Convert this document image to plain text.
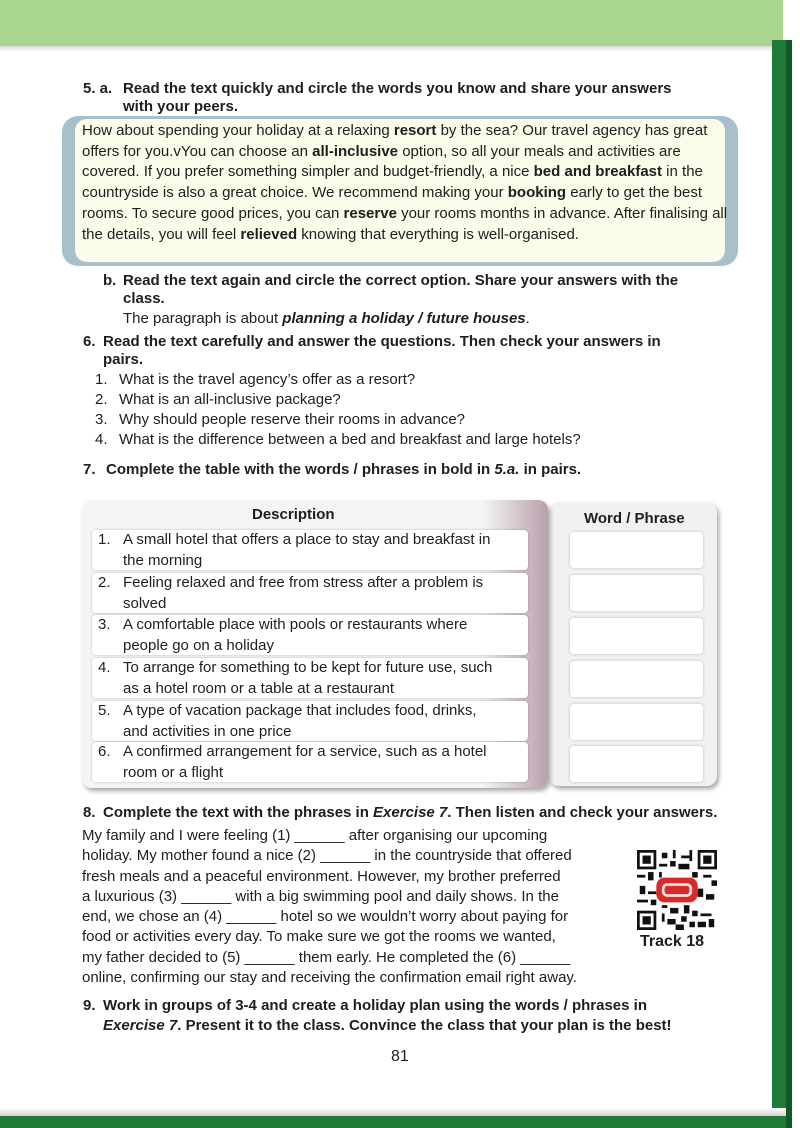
5. a. Read the text quickly and circle the words you know and share your answers
with your peers.
How about spending your holiday at a relaxing resort by the sea? Our travel agency has great offers for you.vYou can choose an all-inclusive option, so all your meals and activities are covered. If you prefer something simpler and budget-friendly, a nice bed and breakfast in the countryside is also a great choice. We recommend making your booking early to get the best rooms. To secure good prices, you can reserve your rooms months in advance. After finalising all the details, you will feel relieved knowing that everything is well-organised.
b. Read the text again and circle the correct option. Share your answers with the
class.
The paragraph is about planning a holiday / future houses.
6. Read the text carefully and answer the questions. Then check your answers in
pairs.
1. What is the travel agency’s offer as a resort?
2. What is an all-inclusive package?
3. Why should people reserve their rooms in advance?
4. What is the difference between a bed and breakfast and large hotels?
7. Complete the table with the words / phrases in bold in 5.a. in pairs.
Description	Word / Phrase
1. A small hotel that offers a place to stay and breakfast in
the morning
2. Feeling relaxed and free from stress after a problem is
solved
3. A comfortable place with pools or restaurants where
people go on a holiday
4. To arrange for something to be kept for future use, such
as a hotel room or a table at a restaurant
5. A type of vacation package that includes food, drinks,
and activities in one price
6. A confirmed arrangement for a service, such as a hotel
room or a flight
8. Complete the text with the phrases in Exercise 7. Then listen and check your answers.
My family and I were feeling (1) ______ after organising our upcoming
holiday. My mother found a nice (2) ______ in the countryside that offered
fresh meals and a peaceful environment. However, my brother preferred
a luxurious (3) ______ with a big swimming pool and daily shows. In the
end, we chose an (4) ______ hotel so we wouldn’t worry about paying for
food or activities every day. To make sure we got the rooms we wanted,
my father decided to (5) ______ them early. He completed the (6) ______
online, confirming our stay and receiving the confirmation email right away.
Track 18
9. Work in groups of 3-4 and create a holiday plan using the words / phrases in
Exercise 7. Present it to the class. Convince the class that your plan is the best!
81
